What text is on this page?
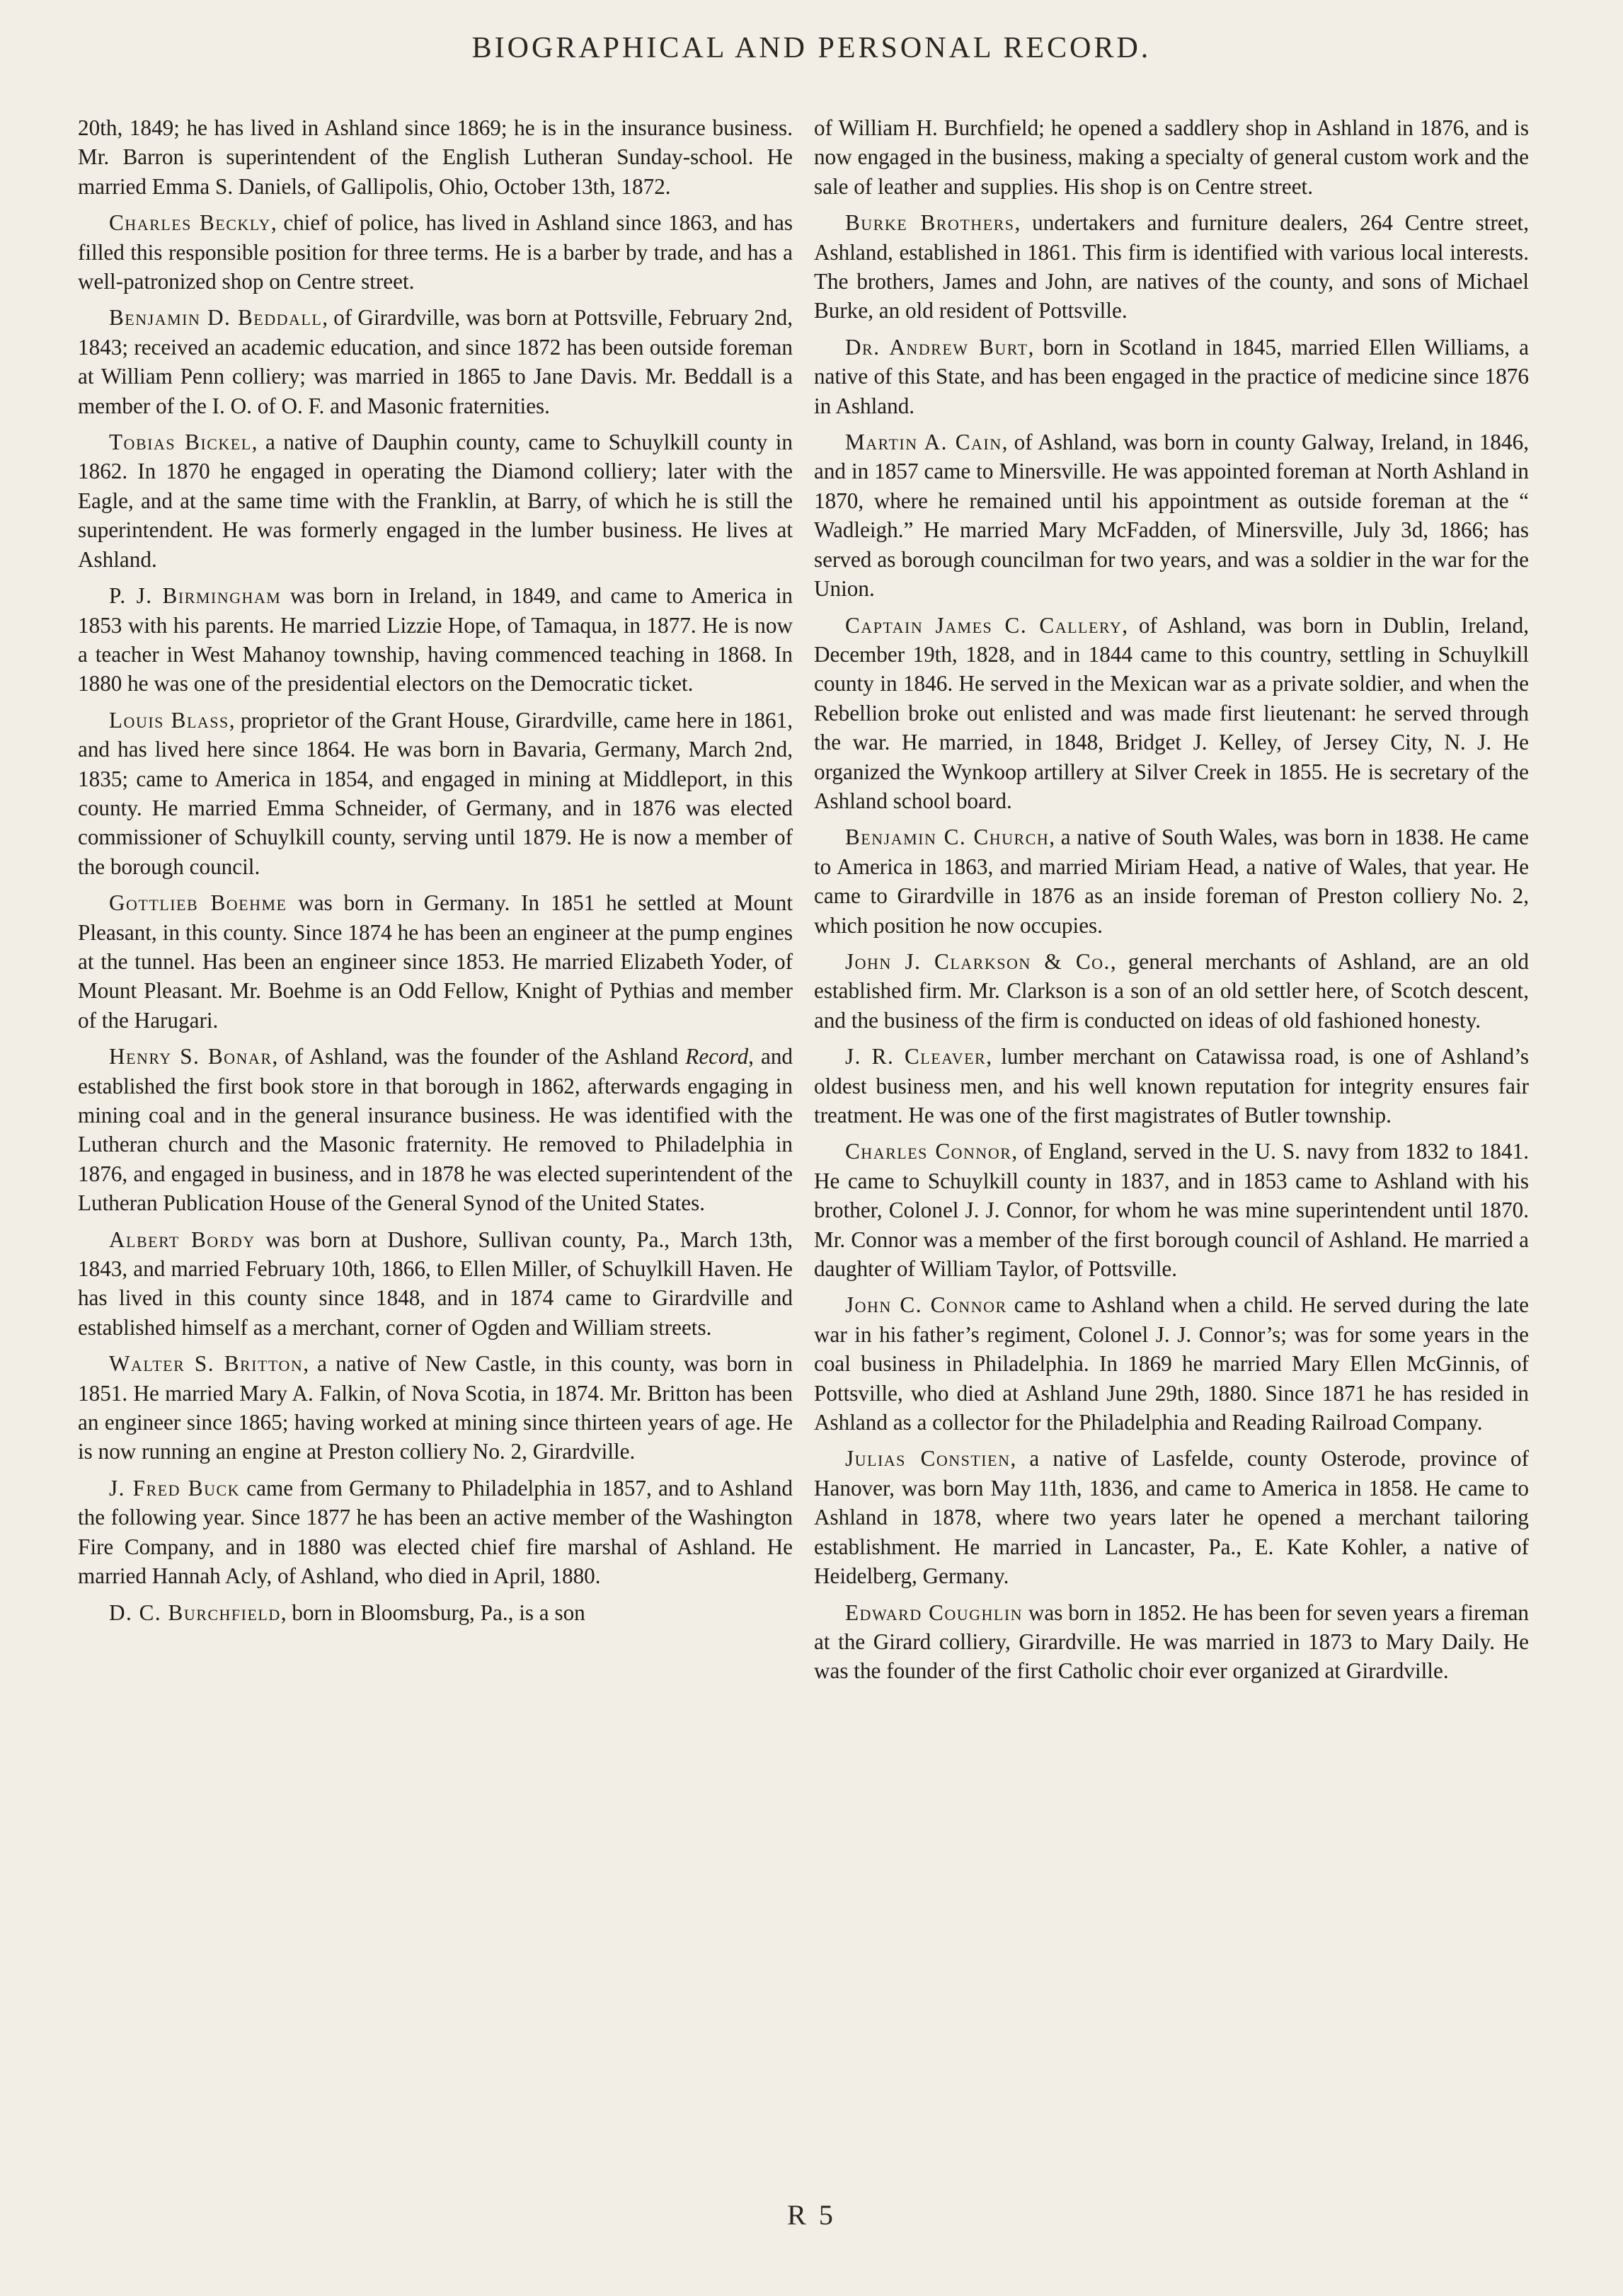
BIOGRAPHICAL AND PERSONAL RECORD.

20th, 1849; he has lived in Ashland since 1869; he is in the insurance business. Mr. Barron is superintendent of the English Lutheran Sunday-school. He married Emma S. Daniels, of Gallipolis, Ohio, October 13th, 1872.

Charles Beckly, chief of police, has lived in Ashland since 1863, and has filled this responsible position for three terms. He is a barber by trade, and has a well-patronized shop on Centre street.

Benjamin D. Beddall, of Girardville, was born at Pottsville, February 2nd, 1843; received an academic education, and since 1872 has been outside foreman at William Penn colliery; was married in 1865 to Jane Davis. Mr. Beddall is a member of the I. O. of O. F. and Masonic fraternities.

Tobias Bickel, a native of Dauphin county, came to Schuylkill county in 1862. In 1870 he engaged in operating the Diamond colliery; later with the Eagle, and at the same time with the Franklin, at Barry, of which he is still the superintendent. He was formerly engaged in the lumber business. He lives at Ashland.

P. J. Birmingham was born in Ireland, in 1849, and came to America in 1853 with his parents. He married Lizzie Hope, of Tamaqua, in 1877. He is now a teacher in West Mahanoy township, having commenced teaching in 1868. In 1880 he was one of the presidential electors on the Democratic ticket.

Louis Blass, proprietor of the Grant House, Girardville, came here in 1861, and has lived here since 1864. He was born in Bavaria, Germany, March 2nd, 1835; came to America in 1854, and engaged in mining at Middleport, in this county. He married Emma Schneider, of Germany, and in 1876 was elected commissioner of Schuylkill county, serving until 1879. He is now a member of the borough council.

Gottlieb Boehme was born in Germany. In 1851 he settled at Mount Pleasant, in this county. Since 1874 he has been an engineer at the pump engines at the tunnel. Has been an engineer since 1853. He married Elizabeth Yoder, of Mount Pleasant. Mr. Boehme is an Odd Fellow, Knight of Pythias and member of the Harugari.

Henry S. Bonar, of Ashland, was the founder of the Ashland Record, and established the first book store in that borough in 1862, afterwards engaging in mining coal and in the general insurance business. He was identified with the Lutheran church and the Masonic fraternity. He removed to Philadelphia in 1876, and engaged in business, and in 1878 he was elected superintendent of the Lutheran Publication House of the General Synod of the United States.

Albert Bordy was born at Dushore, Sullivan county, Pa., March 13th, 1843, and married February 10th, 1866, to Ellen Miller, of Schuylkill Haven. He has lived in this county since 1848, and in 1874 came to Girardville and established himself as a merchant, corner of Ogden and William streets.

Walter S. Britton, a native of New Castle, in this county, was born in 1851. He married Mary A. Falkin, of Nova Scotia, in 1874. Mr. Britton has been an engineer since 1865; having worked at mining since thirteen years of age. He is now running an engine at Preston colliery No. 2, Girardville.

J. Fred Buck came from Germany to Philadelphia in 1857, and to Ashland the following year. Since 1877 he has been an active member of the Washington Fire Company, and in 1880 was elected chief fire marshal of Ashland. He married Hannah Acly, of Ashland, who died in April, 1880.

D. C. Burchfield, born in Bloomsburg, Pa., is a son

of William H. Burchfield; he opened a saddlery shop in Ashland in 1876, and is now engaged in the business, making a specialty of general custom work and the sale of leather and supplies. His shop is on Centre street.

Burke Brothers, undertakers and furniture dealers, 264 Centre street, Ashland, established in 1861. This firm is identified with various local interests. The brothers, James and John, are natives of the county, and sons of Michael Burke, an old resident of Pottsville.

Dr. Andrew Burt, born in Scotland in 1845, married Ellen Williams, a native of this State, and has been engaged in the practice of medicine since 1876 in Ashland.

Martin A. Cain, of Ashland, was born in county Galway, Ireland, in 1846, and in 1857 came to Minersville. He was appointed foreman at North Ashland in 1870, where he remained until his appointment as outside foreman at the “ Wadleigh.” He married Mary McFadden, of Minersville, July 3d, 1866; has served as borough councilman for two years, and was a soldier in the war for the Union.

Captain James C. Callery, of Ashland, was born in Dublin, Ireland, December 19th, 1828, and in 1844 came to this country, settling in Schuylkill county in 1846. He served in the Mexican war as a private soldier, and when the Rebellion broke out enlisted and was made first lieutenant: he served through the war. He married, in 1848, Bridget J. Kelley, of Jersey City, N. J. He organized the Wynkoop artillery at Silver Creek in 1855. He is secretary of the Ashland school board.

Benjamin C. Church, a native of South Wales, was born in 1838. He came to America in 1863, and married Miriam Head, a native of Wales, that year. He came to Girardville in 1876 as an inside foreman of Preston colliery No. 2, which position he now occupies.

John J. Clarkson & Co., general merchants of Ashland, are an old established firm. Mr. Clarkson is a son of an old settler here, of Scotch descent, and the business of the firm is conducted on ideas of old fashioned honesty.

J. R. Cleaver, lumber merchant on Catawissa road, is one of Ashland’s oldest business men, and his well known reputation for integrity ensures fair treatment. He was one of the first magistrates of Butler township.

Charles Connor, of England, served in the U. S. navy from 1832 to 1841. He came to Schuylkill county in 1837, and in 1853 came to Ashland with his brother, Colonel J. J. Connor, for whom he was mine superintendent until 1870. Mr. Connor was a member of the first borough council of Ashland. He married a daughter of William Taylor, of Pottsville.

John C. Connor came to Ashland when a child. He served during the late war in his father’s regiment, Colonel J. J. Connor’s; was for some years in the coal business in Philadelphia. In 1869 he married Mary Ellen McGinnis, of Pottsville, who died at Ashland June 29th, 1880. Since 1871 he has resided in Ashland as a collector for the Philadelphia and Reading Railroad Company.

Julias Constien, a native of Lasfelde, county Osterode, province of Hanover, was born May 11th, 1836, and came to America in 1858. He came to Ashland in 1878, where two years later he opened a merchant tailoring establishment. He married in Lancaster, Pa., E. Kate Kohler, a native of Heidelberg, Germany.

Edward Coughlin was born in 1852. He has been for seven years a fireman at the Girard colliery, Girardville. He was married in 1873 to Mary Daily. He was the founder of the first Catholic choir ever organized at Girardville.

R 5
